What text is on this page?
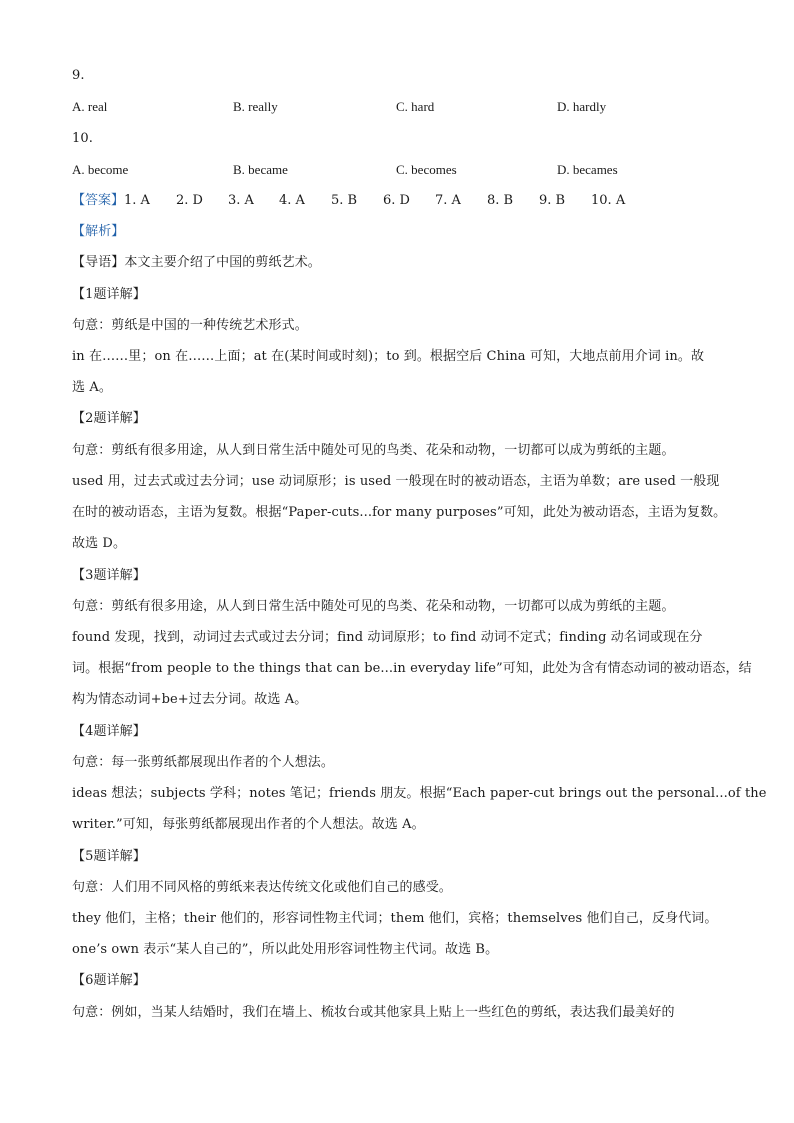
9.
A. real	B. really	C. hard	D. hardly
10.
A. become	B. became	C. becomes	D. becames
【答案】1. A 2. D 3. A 4. A 5. B 6. D 7. A 8. B 9. B 10. A
【解析】
【导语】本文主要介绍了中国的剪纸艺术。
【1题详解】
句意：剪纸是中国的一种传统艺术形式。
in 在……里；on 在……上面；at 在(某时间或时刻)；to 到。根据空后 China 可知，大地点前用介词 in。故
选 A。
【2题详解】
句意：剪纸有很多用途，从人到日常生活中随处可见的鸟类、花朵和动物，一切都可以成为剪纸的主题。
used 用，过去式或过去分词；use 动词原形；is used 一般现在时的被动语态，主语为单数；are used 一般现
在时的被动语态，主语为复数。根据“Paper-cuts...for many purposes”可知，此处为被动语态，主语为复数。
故选 D。
【3题详解】
句意：剪纸有很多用途，从人到日常生活中随处可见的鸟类、花朵和动物，一切都可以成为剪纸的主题。
found 发现，找到，动词过去式或过去分词；find 动词原形；to find 动词不定式；finding 动名词或现在分
词。根据“from people to the things that can be...in everyday life”可知，此处为含有情态动词的被动语态，结
构为情态动词+be+过去分词。故选 A。
【4题详解】
句意：每一张剪纸都展现出作者的个人想法。
ideas 想法；subjects 学科；notes 笔记；friends 朋友。根据“Each paper-cut brings out the personal...of the
writer.”可知，每张剪纸都展现出作者的个人想法。故选 A。
【5题详解】
句意：人们用不同风格的剪纸来表达传统文化或他们自己的感受。
they 他们，主格；their 他们的，形容词性物主代词；them 他们，宾格；themselves 他们自己，反身代词。
one’s own 表示“某人自己的”，所以此处用形容词性物主代词。故选 B。
【6题详解】
句意：例如，当某人结婚时，我们在墙上、梳妆台或其他家具上贴上一些红色的剪纸，表达我们最美好的
